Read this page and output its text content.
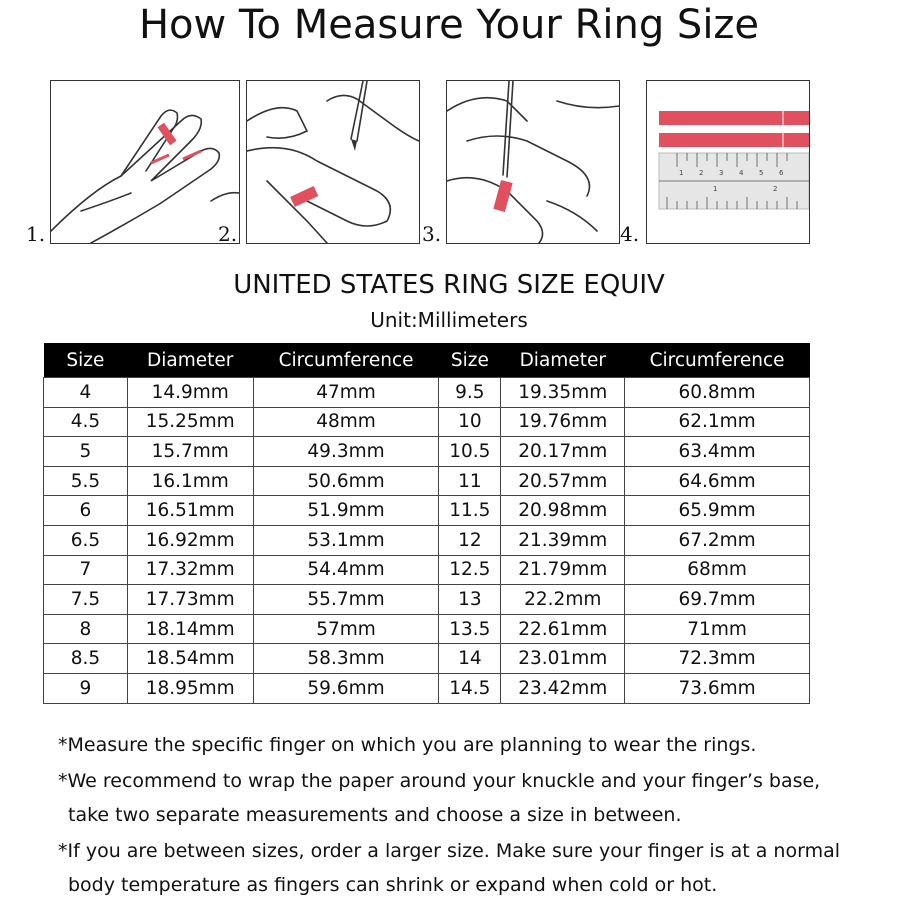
How To Measure Your Ring Size
1.	2.	3.	4.
1 2 3 4 5 6
1	2
UNITED STATES RING SIZE EQUIV
Unit:Millimeters
Size	Diameter	Circumference	Size	Diameter	Circumference
4	14.9mm	47mm	9.5	19.35mm	60.8mm
4.5	15.25mm	48mm	10	19.76mm	62.1mm
5	15.7mm	49.3mm	10.5	20.17mm	63.4mm
5.5	16.1mm	50.6mm	11	20.57mm	64.6mm
6	16.51mm	51.9mm	11.5	20.98mm	65.9mm
6.5	16.92mm	53.1mm	12	21.39mm	67.2mm
7	17.32mm	54.4mm	12.5	21.79mm	68mm
7.5	17.73mm	55.7mm	13	22.2mm	69.7mm
8	18.14mm	57mm	13.5	22.61mm	71mm
8.5	18.54mm	58.3mm	14	23.01mm	72.3mm
9	18.95mm	59.6mm	14.5	23.42mm	73.6mm
*Measure the specific finger on which you are planning to wear the rings.
*We recommend to wrap the paper around your knuckle and your finger’s base,
take two separate measurements and choose a size in between.
*If you are between sizes, order a larger size. Make sure your finger is at a normal
body temperature as fingers can shrink or expand when cold or hot.
